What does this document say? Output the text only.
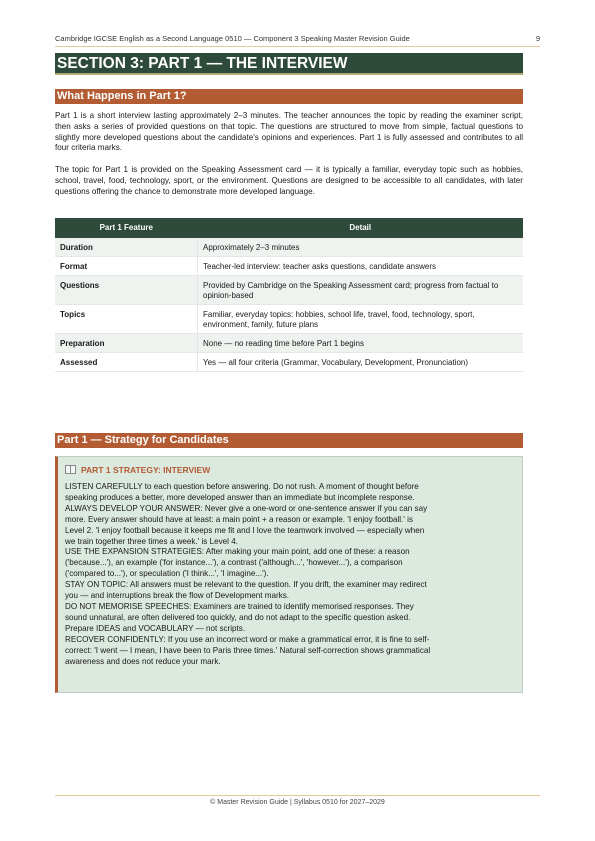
Cambridge IGCSE English as a Second Language 0510 — Component 3 Speaking Master Revision Guide	9
SECTION 3: PART 1 — THE INTERVIEW
What Happens in Part 1?

Part 1 is a short interview lasting approximately 2–3 minutes. The teacher announces the topic by reading the examiner script, then asks a series of provided questions on that topic. The questions are structured to move from simple, factual questions to slightly more developed questions about the candidate's opinions and experiences. Part 1 is fully assessed and contributes to all four criteria marks.

The topic for Part 1 is provided on the Speaking Assessment card — it is typically a familiar, everyday topic such as hobbies, school, travel, food, technology, sport, or the environment. Questions are designed to be accessible to all candidates, with later questions offering the chance to demonstrate more developed language.

Part 1 Feature	Detail
Duration	Approximately 2–3 minutes
Format	Teacher-led interview: teacher asks questions, candidate answers
Questions	Provided by Cambridge on the Speaking Assessment card; progress from factual to opinion-based
Topics	Familiar, everyday topics: hobbies, school life, travel, food, technology, sport, environment, family, future plans
Preparation	None — no reading time before Part 1 begins
Assessed	Yes — all four criteria (Grammar, Vocabulary, Development, Pronunciation)
Part 1 — Strategy for Candidates
PART 1 STRATEGY: INTERVIEW
LISTEN CAREFULLY to each question before answering. Do not rush. A moment of thought before
speaking produces a better, more developed answer than an immediate but incomplete response.
ALWAYS DEVELOP YOUR ANSWER: Never give a one-word or one-sentence answer if you can say
more. Every answer should have at least: a main point + a reason or example. 'I enjoy football.' is
Level 2. 'I enjoy football because it keeps me fit and I love the teamwork involved — especially when
we train together three times a week.' is Level 4.
USE THE EXPANSION STRATEGIES: After making your main point, add one of these: a reason
('because...'), an example ('for instance...'), a contrast ('although...', 'however...'), a comparison
('compared to...'), or speculation ('I think...', 'I imagine...').
STAY ON TOPIC: All answers must be relevant to the question. If you drift, the examiner may redirect
you — and interruptions break the flow of Development marks.
DO NOT MEMORISE SPEECHES: Examiners are trained to identify memorised responses. They
sound unnatural, are often delivered too quickly, and do not adapt to the specific question asked.
Prepare IDEAS and VOCABULARY — not scripts.
RECOVER CONFIDENTLY: If you use an incorrect word or make a grammatical error, it is fine to self-
correct: 'I went — I mean, I have been to Paris three times.' Natural self-correction shows grammatical
awareness and does not reduce your mark.
© Master Revision Guide | Syllabus 0510 for 2027–2029
